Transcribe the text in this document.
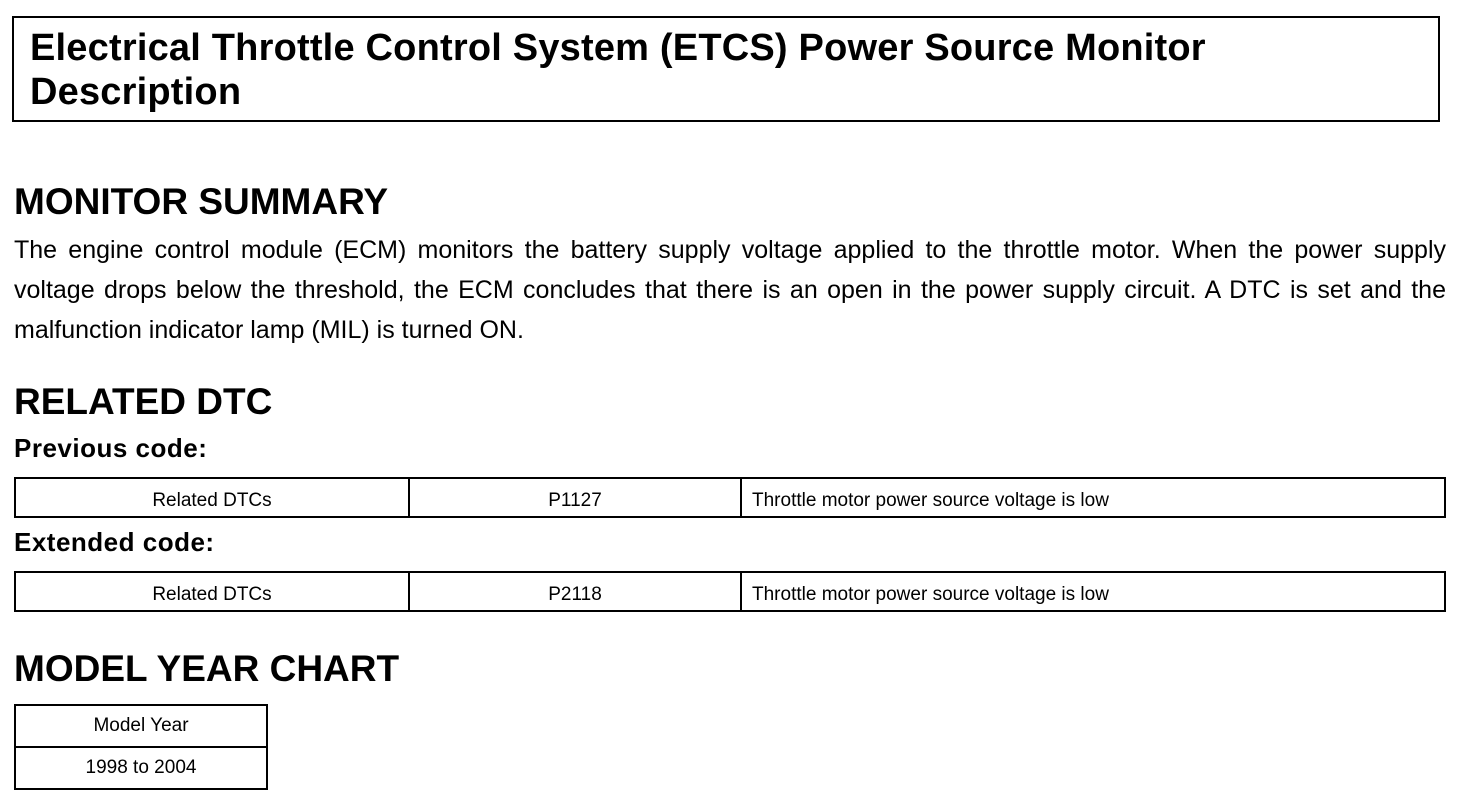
Electrical Throttle Control System (ETCS) Power Source Monitor Description
MONITOR SUMMARY

The engine control module (ECM) monitors the battery supply voltage applied to the throttle motor. When the power supply voltage drops below the threshold, the ECM concludes that there is an open in the power supply circuit. A DTC is set and the malfunction indicator lamp (MIL) is turned ON.

RELATED DTC
Previous code:
Related DTCs	P1127	Throttle motor power source voltage is low
Extended code:
Related DTCs	P2118	Throttle motor power source voltage is low
MODEL YEAR CHART
Model Year
1998 to 2004
